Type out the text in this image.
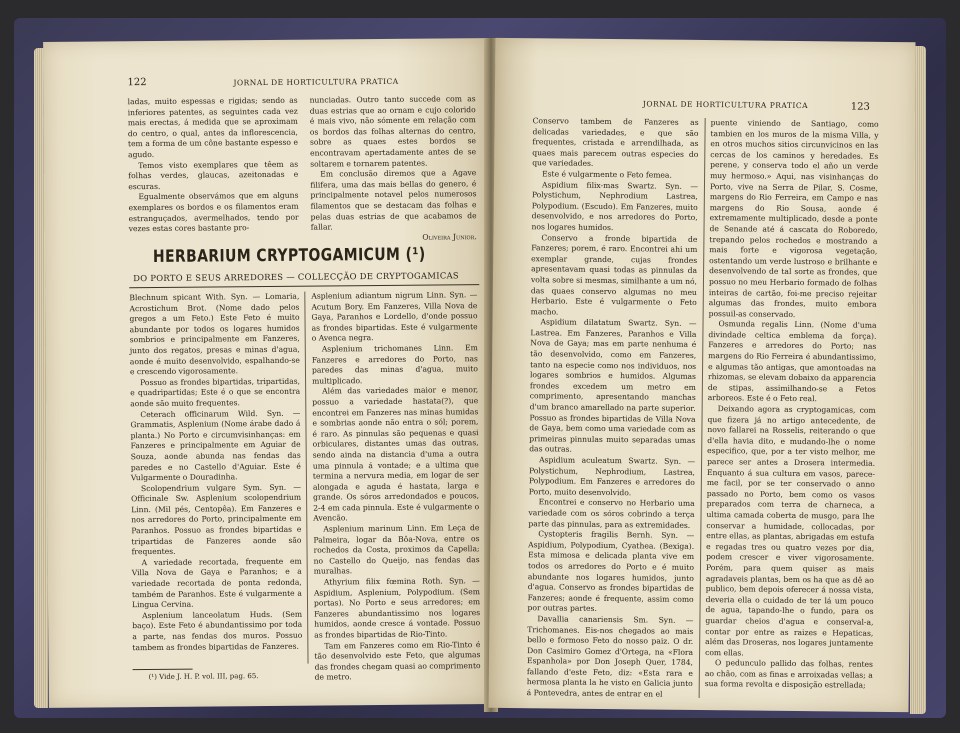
122	JORNAL DE HORTICULTURA PRATICA

ladas, muito espessas e rigidas; sendo as inferiores patentes, as seguintes cada vez mais erectas, á medida que se aproximam do centro, o qual, antes da inflorescencia, tem a forma de um cône bastante espesso e agudo.

Temos visto exemplares que têem as folhas verdes, glaucas, azeitonadas e escuras.

Egualmente observámos que em alguns exemplares os bordos e os filamentos eram estranguçados, avermelhados, tendo por vezes estas cores bastante pro-

nunciadas. Outro tanto succede com as duas estrias que ao ornam e cujo colorido é mais vivo, não sómente em relação com os bordos das folhas alternas do centro, sobre as quaes estes bordos se encontravam apertadamente antes de se soltarem e tornarem patentes.

Em conclusão diremos que a Agave filifera, uma das mais bellas do genero, é principalmente notavel pelos numerosos filamentos que se destacam das folhas e pelas duas estrias de que acabamos de fallar.

Oliveira Junior.

HERBARIUM CRYPTOGAMICUM (¹)
DO PORTO E SEUS ARREDORES — COLLECÇÃO DE CRYPTOGAMICAS

Blechnum spicant With. Syn. — Lomaria, Acrostichum Brot. (Nome dado pelos gregos a um Feto.) Este Feto é muito abundante por todos os logares humidos sombrios e principalmente em Fanzeres, junto dos regatos, presas e minas d'agua, aonde é muito desenvolvido, espalhando-se e crescendo vigorosamente.

Possuo as frondes bipartidas, tripartidas, e quadripartidas; Este é o que se encontra aonde são muito frequentes.

Ceterach officinarum Wild. Syn. — Grammatis, Asplenium (Nome árabe dado á planta.) No Porto e circumvisinhanças: em Fanzeres e principalmente em Aguiar de Souza, aonde abunda nas fendas das paredes e no Castello d'Aguiar. Este é Vulgarmente o Douradinha.

Scolopendrium vulgare Sym. Syn. — Officinale Sw. Asplenium scolopendrium Linn. (Mil pés, Centopêa). Em Fanzeres e nos arredores do Porto, principalmente em Paranhos. Possuo as frondes bipartidas e tripartidas de Fanzeres aonde são frequentes.

A variedade recortada, frequente em Villa Nova de Gaya e Paranhos; e a variedade recortada de ponta redonda, também de Paranhos. Este é vulgarmente a Lingua Cervina.

Asplenium lanceolatum Huds. (Sem baço). Este Feto é abundantissimo por toda a parte, nas fendas dos muros. Possuo tambem as frondes bipartidas de Fanzeres.

Asplenium adiantum nigrum Linn. Syn. — Acutum Bory. Em Fanzeres, Villa Nova de Gaya, Paranhos e Lordello, d'onde possuo as frondes bipartidas. Este é vulgarmente o Avenca negra.

Asplenium trichomanes Linn. Em Fanzeres e arredores do Porto, nas paredes das minas d'agua, muito multiplicado.

Além das variedades maior e menor, possuo a variedade hastata(?), que encontrei em Fanzeres nas minas humidas e sombrias aonde não entra o sól; porem, é raro. As pinnulas são pequenas e quasi orbiculares, distantes umas das outras, sendo ainda na distancia d'uma a outra uma pinnula á vontade; e a ultima que termina a nervura media, em logar de ser alongada e aguda é hastata, larga e grande. Os sóros arredondados e poucos, 2-4 em cada pinnula. Este é vulgarmente o Avencão.

Asplenium marinum Linn. Em Leça de Palmeira, logar da Bôa-Nova, entre os rochedos da Costa, proximos da Capella; no Castello do Queijo, nas fendas das muralhas.

Athyrium filix fœmina Roth. Syn. — Aspidium, Asplenium, Polypodium. (Sem portas). No Porto e seus arredores; em Fanzeres abundantissimo nos logares humidos, aonde cresce á vontade. Possuo as frondes bipartidas de Rio-Tinto.

Tam em Fanzeres como em Rio-Tinto é tão desenvolvido este Feto, que algumas das frondes chegam quasi ao comprimento de metro.

(¹) Vide J. H. P. vol. III, pag. 65.
JORNAL DE HORTICULTURA PRATICA	123

Conservo tambem de Fanzeres as delicadas variedades, e que são frequentes, cristada e arrendilhada, as quaes mais parecem outras especies do que variedades.

Este é vulgarmente o Feto femea.

Aspidium filix-mas Swartz. Syn. — Polystichum, Nephrodium Lastrea, Polypodium. (Escudo). Em Fanzeres, muito desenvolvido, e nos arredores do Porto, nos logares humidos.

Conservo a fronde bipartida de Fanzeres; porem, é raro. Encontrei ahi um exemplar grande, cujas frondes apresentavam quasi todas as pinnulas da volta sobre si mesmas, similhante a um nó, das quaes conservo algumas no meu Herbario. Este é vulgarmente o Feto macho.

Aspidium dilatatum Swartz. Syn. — Lastrea. Em Fanzeres, Paranhos e Villa Nova de Gaya; mas em parte nenhuma é tão desenvolvido, como em Fanzeres, tanto na especie como nos individuos, nos logares sombrios e humidos. Algumas frondes excedem um metro em comprimento, apresentando manchas d'um branco amarellado na parte superior. Possuo as frondes bipartidas de Villa Nova de Gaya, bem como uma variedade com as primeiras pinnulas muito separadas umas das outras.

Aspidium aculeatum Swartz. Syn. — Polystichum, Nephrodium, Lastrea, Polypodium. Em Fanzeres e arredores do Porto, muito desenvolvido.

Encontrei e conservo no Herbario uma variedade com os sóros cobrindo a terça parte das pinnulas, para as extremidades.

Cystopteris fragilis Bernh. Syn. — Aspidium, Polypodium, Cyathea. (Bexiga). Esta mimosa e delicada planta vive em todos os arredores do Porto e é muito abundante nos logares humidos, junto d'agua. Conservo as frondes bipartidas de Fanzeres; aonde é frequente, assim como por outras partes.

Davallia canariensis Sm. Syn. — Trichomanes. Eis-nos chegados ao mais bello e formoso Feto do nosso paiz. O dr. Don Casimiro Gomez d'Ortega, na «Flora Espanhola» por Don Joseph Quer, 1784, fallando d'este Feto, diz: «Esta rara e hermosa planta la he visto en Galicia junto á Pontevedra, antes de entrar en el

puente viniendo de Santiago, como tambien en los muros de la misma Villa, y en otros muchos sitios circunvicinos en las cercas de los caminos y heredades. Es perene, y conserva todo el año un verde muy hermoso.» Aqui, nas visinhanças do Porto, vive na Serra de Pilar, S. Cosme, margens do Rio Ferreira, em Campo e nas margens do Rio Sousa, aonde é extremamente multiplicado, desde a ponte de Senande até á cascata do Roboredo, trepando pelos rochedos e mostrando a mais forte e vigorosa vegetação, ostentando um verde lustroso e brilhante e desenvolvendo de tal sorte as frondes, que possuo no meu Herbario formado de folhas inteiras de cartão, foi-me preciso rejeitar algumas das frondes, muito embora possuil-as conservado.

Osmunda regalis Linn. (Nome d'uma divindade celtica emblema da força). Fanzeres e arredores do Porto; nas margens do Rio Ferreira é abundantissimo, e algumas tão antigas, que amontoadas na rhizomas, se elevam dobaixo da apparencia de stipas, assimilhando-se a Fetos arboreos. Este é o Feto real.

Deixando agora as cryptogamicas, com que fizera já no artigo antecedente, de novo fallarei na Rosselis, reiterando o que d'ella havia dito, e mudando-lhe o nome especifico, que, por a ter visto melhor, me parece ser antes a Drosera intermedia. Enquanto á sua cultura em vasos, parece-me facil, por se ter conservado o anno passado no Porto, bem como os vasos preparados com terra de charneca, a ultima camada coberta de musgo, para lhe conservar a humidade, collocadas, por entre ellas, as plantas, abrigadas em estufa e regadas tres ou quatro vezes por dia, podem crescer e viver vigorosamente. Porém, para quem quiser as mais agradaveis plantas, bem os ha que as dê ao publico, bem depois oferecer á nossa vista, deveria ella o cuidado de ter lá um pouco de agua, tapando-lhe o fundo, para os guardar cheios d'agua e conserval-a, contar por entre as raizes e Hepaticas, além das Droseras, nos logares juntamente com ellas.

O pedunculo pallido das folhas, rentes ao chão, com as finas e arroixadas vellas; a sua forma revolta e disposição estrellada;
